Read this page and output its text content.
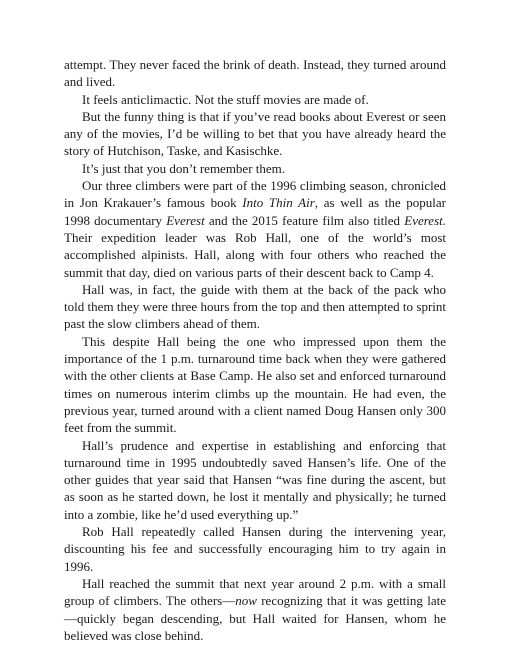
attempt. They never faced the brink of death. Instead, they turned around and lived.

It feels anticlimactic. Not the stuff movies are made of.

But the funny thing is that if you’ve read books about Everest or seen any of the movies, I’d be willing to bet that you have already heard the story of Hutchison, Taske, and Kasischke.

It’s just that you don’t remember them.

Our three climbers were part of the 1996 climbing season, chronicled in Jon Krakauer’s famous book Into Thin Air, as well as the popular 1998 documentary Everest and the 2015 feature film also titled Everest. Their expedition leader was Rob Hall, one of the world’s most accomplished alpinists. Hall, along with four others who reached the summit that day, died on various parts of their descent back to Camp 4.

Hall was, in fact, the guide with them at the back of the pack who told them they were three hours from the top and then attempted to sprint past the slow climbers ahead of them.

This despite Hall being the one who impressed upon them the importance of the 1 p.m. turnaround time back when they were gathered with the other clients at Base Camp. He also set and enforced turnaround times on numerous interim climbs up the mountain. He had even, the previous year, turned around with a client named Doug Hansen only 300 feet from the summit.

Hall’s prudence and expertise in establishing and enforcing that turnaround time in 1995 undoubtedly saved Hansen’s life. One of the other guides that year said that Hansen “was fine during the ascent, but as soon as he started down, he lost it mentally and physically; he turned into a zombie, like he’d used everything up.”

Rob Hall repeatedly called Hansen during the intervening year, discounting his fee and successfully encouraging him to try again in 1996.

Hall reached the summit that next year around 2 p.m. with a small group of climbers. The others—now recognizing that it was getting late—quickly began descending, but Hall waited for Hansen, whom he believed was close behind.
